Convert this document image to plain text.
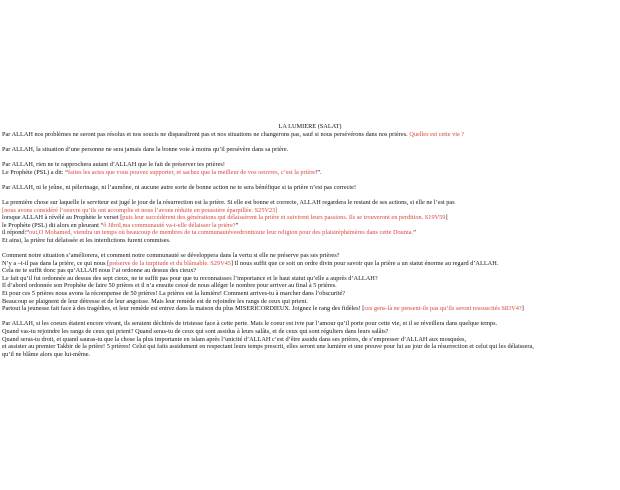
LA LUMIERE (SALAT)
Par ALLAH nos problèmes ne seront pas résolus et nos soucis ne disparaîtront pas et nos situations ne changerons pas, sauf si nous persévérons dans nos prières. Quelles est cette vie ?
Par ALLAH, la situation d’une personne ne sera jamais dans la bonne voie à moins qu’il persévère dans sa prière.
Par ALLAH, rien ne te rapprochera autant d’ALLAH que le fait de préserver tes prières!
Le Prophète (PSL) a dit: “faites les actes que vous pouvez supporter, et sachez que la meilleur de vos oeuvres, c’est la prière!”.
Par ALLAH, ni le jeûne, ni pèlerinage, ni l’aumône, ni aucune autre sorte de bonne action ne te sera bénéfique si ta prière n’est pas correcte!
La première chose sur laquelle le serviteur est jugé le jour de la résurrection est la prière. Si elle est bonne et correcte, ALLAH regardera le restant de ses actions, si elle ne l’est pas
[nous avons considéré l’oeuvre qu’ils ont accomplie et nous l’avons réduite en poussière éparpillée. S25V23]
lorsque ALLAH à révélé au Prophète le verset [puis leur succédèrent des générations qui délaissèrent la prière et suivirent leurs passions. Ils se trouveront en perdition. S19V59]
le Prophète (PSL) dit alors en pleurant “ô Jibril,ma communauté va-t-elle délaisser la prière?”
il répond:“oui,O Mohamed, viendra un temps où beaucoup de membres de ta communautéveedronttoute leur religion pour des plaisiréphémères dans cette Dounia.”
Et ainsi, la prière fut délaissée et les interdictions furent commises.
Comment notre situation s’améliorera, et comment notre communauté se développera dans la vertu si elle ne préserve pas ses prières?
N’y a –t-il pas dans la prière, ce qui nous [préserve de la turpitude et du blâmable. S29V45] Il nous suffit que ce soit un ordre divin pour savoir que la prière a un statut énorme au regard d’ALLAH.
Cela ne te suffit donc pas qu’ALLAH nous l’ai ordonne au dessus des cieux?
Le fait qu’il fut ordonnée au dessus des sept cieux, ne te suffit pas pour que tu reconnaisses l’importance et le haut statut qu’elle a auprès d’ALLAH?
Il d’abord ordonnée son Prophète de faire 50 prières et il n’a ensuite cessé de nous alléger le nombre pour arriver au final à 5 prières.
Et pour ces 5 prières nous avons la récompense de 50 prières! La prières est la lumière! Comment arrives-tu à marcher dans l’obscurité?
Beaucoup se plaignent de leur détresse et de leur angoisse. Mais leur remède est de rejoindre les rangs de ceux qui prient.
Partout la jeunesse fait face à des tragédies, et leur remède est entrez dans la maison du plus MISERICORDIEUX. Joignez le rang des fidèles! [ces gens-là ne pensent-ils pas qu’ils seront ressuscités S83V4?]
Par ALLAH, si les coeurs étaient encore vivant, ils seraient déchirés de tristesse face à cette perte. Mais le coeur est ivre par l’amour qu’il porte pour cette vie, et il se réveillera dans quelque temps.
Quand vas-tu rejoindre les rangs de ceux qui prient? Quand seras-tu de ceux qui sont assidus à leurs salâts, et de ceux qui sont réguliers dans leurs salâts?
Quand seras-tu droit, et quand sauras-tu que la chose la plus importante en islam après l’unicité d’ALLAH c’est d’être assidu dans ses prières, de s’empresser d’ALLAH aux mosquées,
et assister au premier Takbir de la prière! 5 prières! Celui qui faits assidument en respectant leurs temps prescrit, elles seront une lumière et une preuve pour lui au jour de la résurrection et celui qui les délaissera,
qu’il ne blâme alors que lui-même.
